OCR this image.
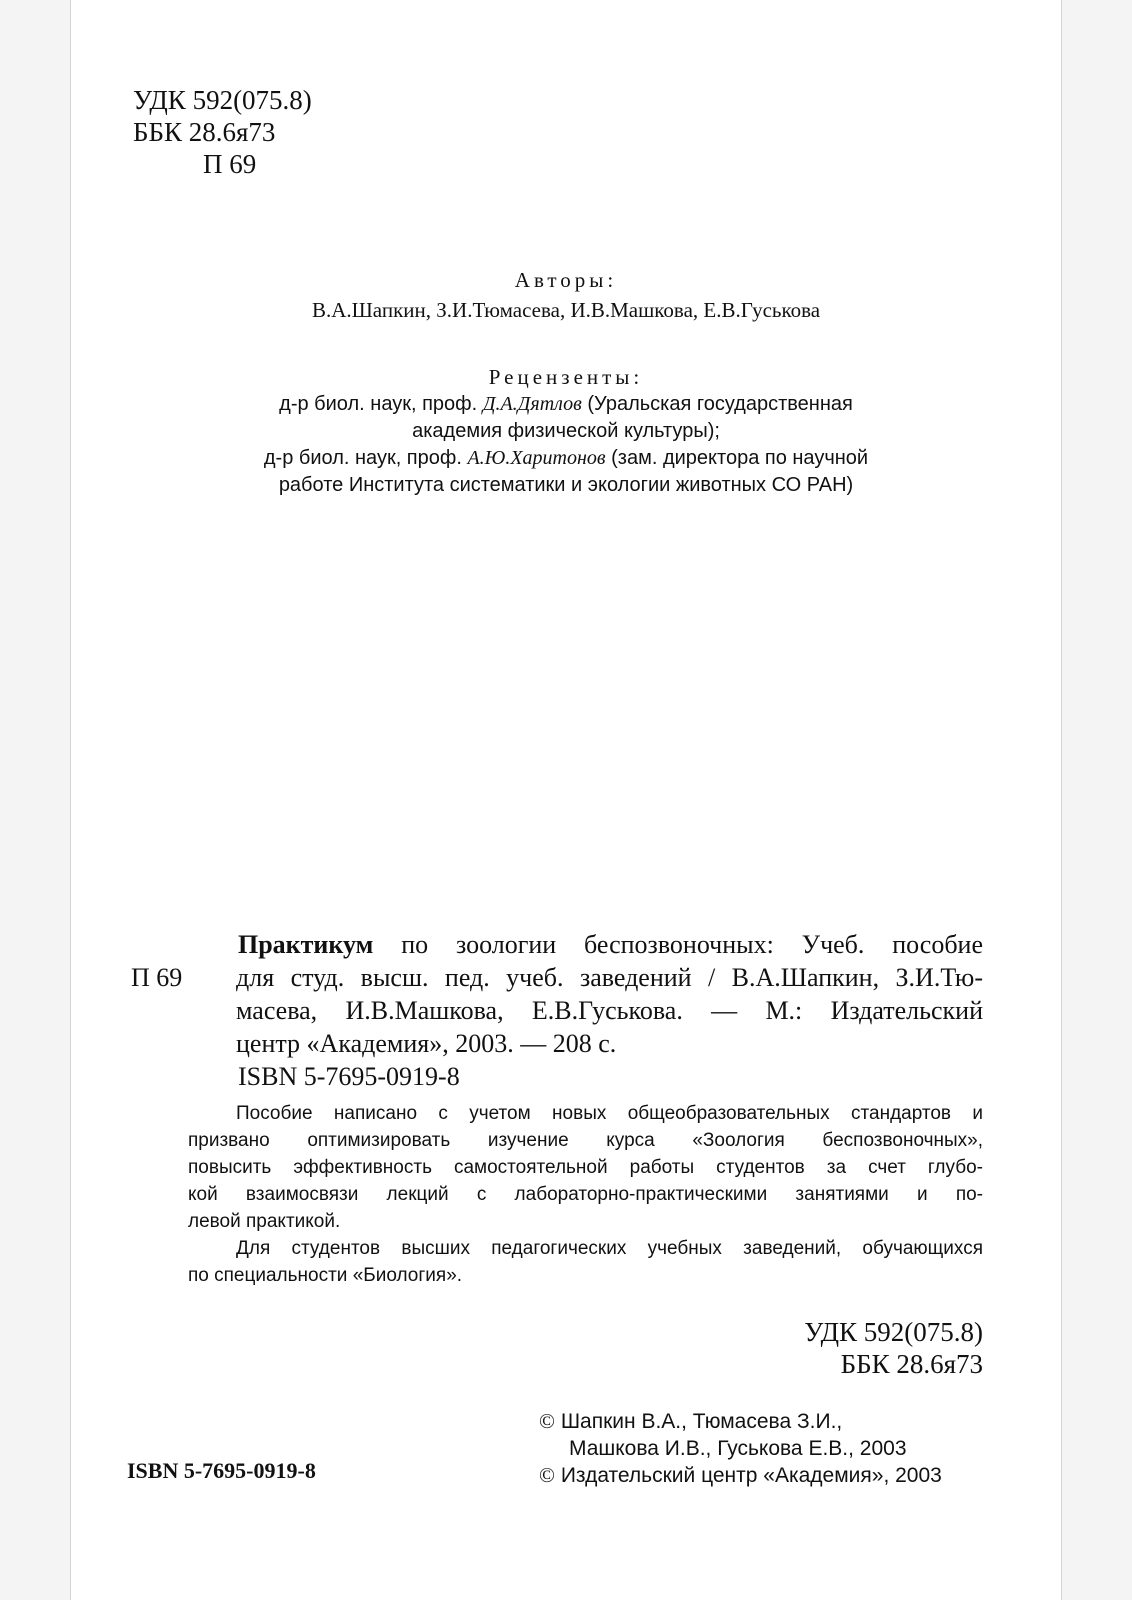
УДК 592(075.8)
ББК 28.6я73
П 69
Авторы:
В.А.Шапкин, З.И.Тюмасева, И.В.Машкова, Е.В.Гуськова
Рецензенты:
д-р биол. наук, проф. Д.А.Дятлов (Уральская государственная
академия физической культуры);
д-р биол. наук, проф. А.Ю.Харитонов (зам. директора по научной
работе Института систематики и экологии животных СО РАН)
Практикум по зоологии беспозвоночных: Учеб. пособие
П 69	для студ. высш. пед. учеб. заведений / В.А.Шапкин, З.И.Тю-
масева, И.В.Машкова, Е.В.Гуськова. — М.: Издательский
центр «Академия», 2003. — 208 с.
ISBN 5-7695-0919-8
Пособие написано с учетом новых общеобразовательных стандартов и
призвано оптимизировать изучение курса «Зоология беспозвоночных»,
повысить эффективность самостоятельной работы студентов за счет глубо-
кой взаимосвязи лекций с лабораторно-практическими занятиями и по-
левой практикой.
Для студентов высших педагогических учебных заведений, обучающихся
по специальности «Биология».
УДК 592(075.8)
ББК 28.6я73
ISBN 5-7695-0919-8
© Шапкин В.А., Тюмасева З.И.,
Машкова И.В., Гуськова Е.В., 2003
© Издательский центр «Академия», 2003
